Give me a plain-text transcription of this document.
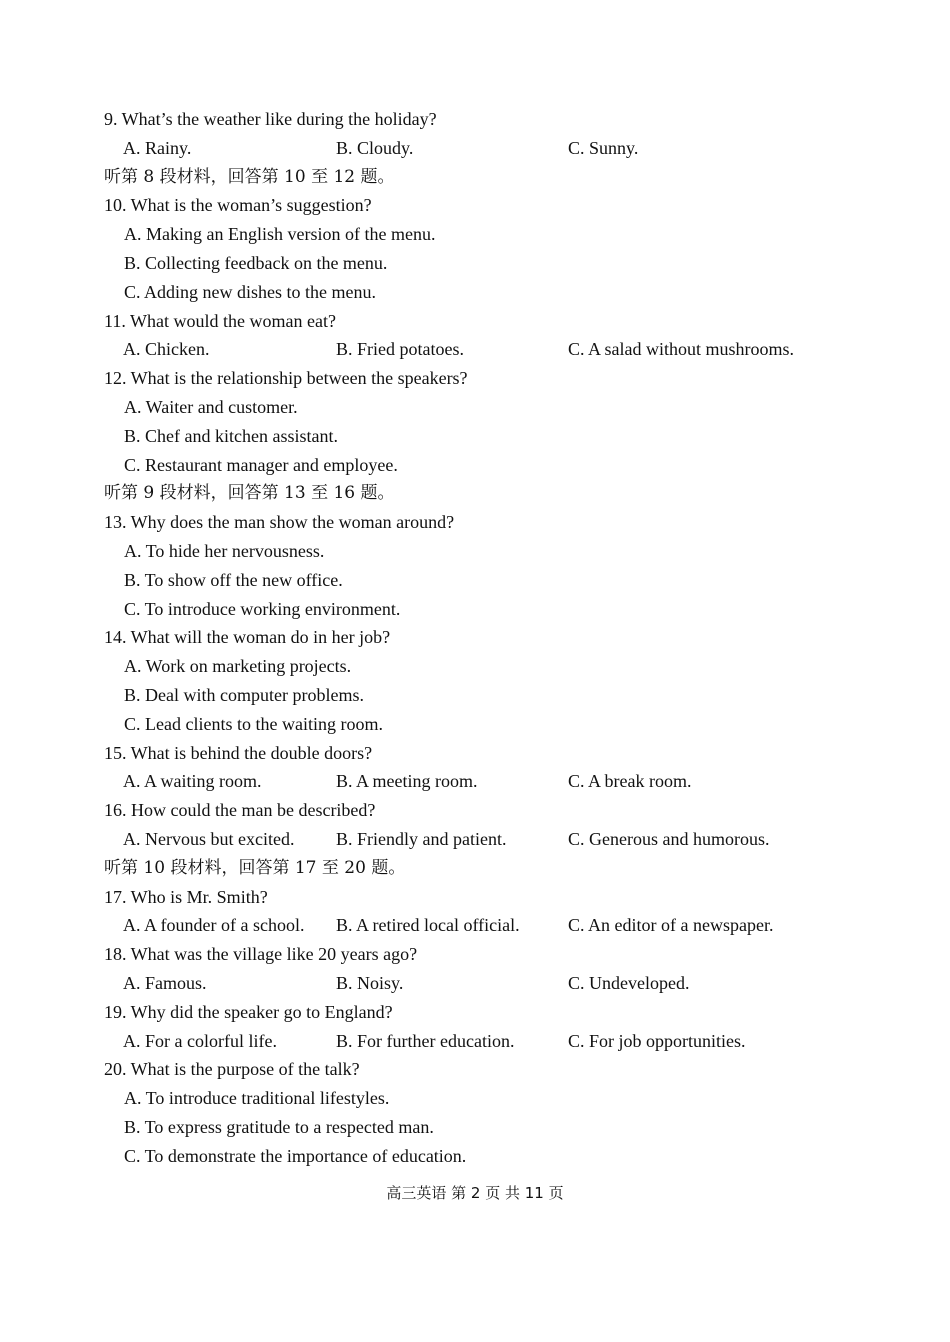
9. What’s the weather like during the holiday?
A. Rainy.	B. Cloudy.	C. Sunny.
听第 8 段材料，回答第 10 至 12 题。
10. What is the woman’s suggestion?
A. Making an English version of the menu.
B. Collecting feedback on the menu.
C. Adding new dishes to the menu.
11. What would the woman eat?
A. Chicken.	B. Fried potatoes.	C. A salad without mushrooms.
12. What is the relationship between the speakers?
A. Waiter and customer.
B. Chef and kitchen assistant.
C. Restaurant manager and employee.
听第 9 段材料，回答第 13 至 16 题。
13. Why does the man show the woman around?
A. To hide her nervousness.
B. To show off the new office.
C. To introduce working environment.
14. What will the woman do in her job?
A. Work on marketing projects.
B. Deal with computer problems.
C. Lead clients to the waiting room.
15. What is behind the double doors?
A. A waiting room.	B. A meeting room.	C. A break room.
16. How could the man be described?
A. Nervous but excited. B. Friendly and patient.	C. Generous and humorous.
听第 10 段材料，回答第 17 至 20 题。
17. Who is Mr. Smith?
A. A founder of a school. B. A retired local official.	C. An editor of a newspaper.
18. What was the village like 20 years ago?
A. Famous.	B. Noisy.	C. Undeveloped.
19. Why did the speaker go to England?
A. For a colorful life.	B. For further education.	C. For job opportunities.
20. What is the purpose of the talk?
A. To introduce traditional lifestyles.
B. To express gratitude to a respected man.
C. To demonstrate the importance of education.
高三英语 第 2 页 共 11 页
